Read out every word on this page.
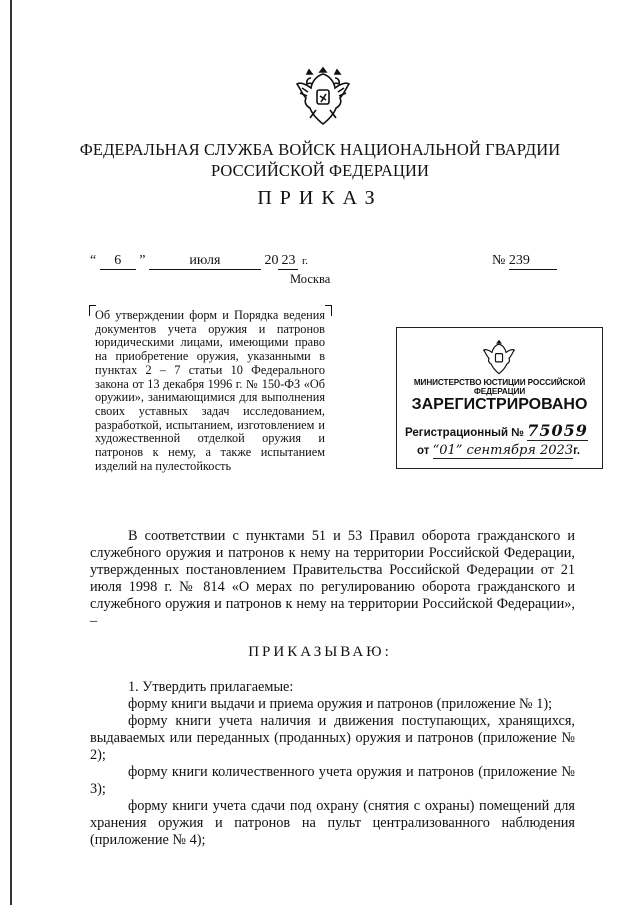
ФЕДЕРАЛЬНАЯ СЛУЖБА ВОЙСК НАЦИОНАЛЬНОЙ ГВАРДИИ
РОССИЙСКОЙ ФЕДЕРАЦИИ
ПРИКАЗ
“ 6 ”	июля	20 23 г.	№ 239
Москва
Об утверждении форм и Порядка ведения документов учета оружия и патронов юридическими лицами, имеющими право на приобретение оружия, указанными в пунктах 2 – 7 статьи 10 Федерального закона от 13 декабря 1996 г. № 150-ФЗ «Об оружии», занимающимися для выполнения своих уставных задач исследованием, разработкой, испытанием, изготовлением и художественной отделкой оружия и патронов к нему, а также испытанием изделий на пулестойкость
МИНИСТЕРСТВО ЮСТИЦИИ РОССИЙСКОЙ ФЕДЕРАЦИИ
ЗАРЕГИСТРИРОВАНО
Регистрационный № 75059
от “01” сентября 2023г.

В соответствии с пунктами 51 и 53 Правил оборота гражданского и служебного оружия и патронов к нему на территории Российской Федерации, утвержденных постановлением Правительства Российской Федерации от 21 июля 1998 г. № 814 «О мерах по регулированию оборота гражданского и служебного оружия и патронов к нему на территории Российской Федерации», –

ПРИКАЗЫВАЮ:

1. Утвердить прилагаемые:

форму книги выдачи и приема оружия и патронов (приложение № 1);

форму книги учета наличия и движения поступающих, хранящихся, выдаваемых или переданных (проданных) оружия и патронов (приложение № 2);

форму книги количественного учета оружия и патронов (приложение № 3);

форму книги учета сдачи под охрану (снятия с охраны) помещений для хранения оружия и патронов на пульт централизованного наблюдения (приложение № 4);
